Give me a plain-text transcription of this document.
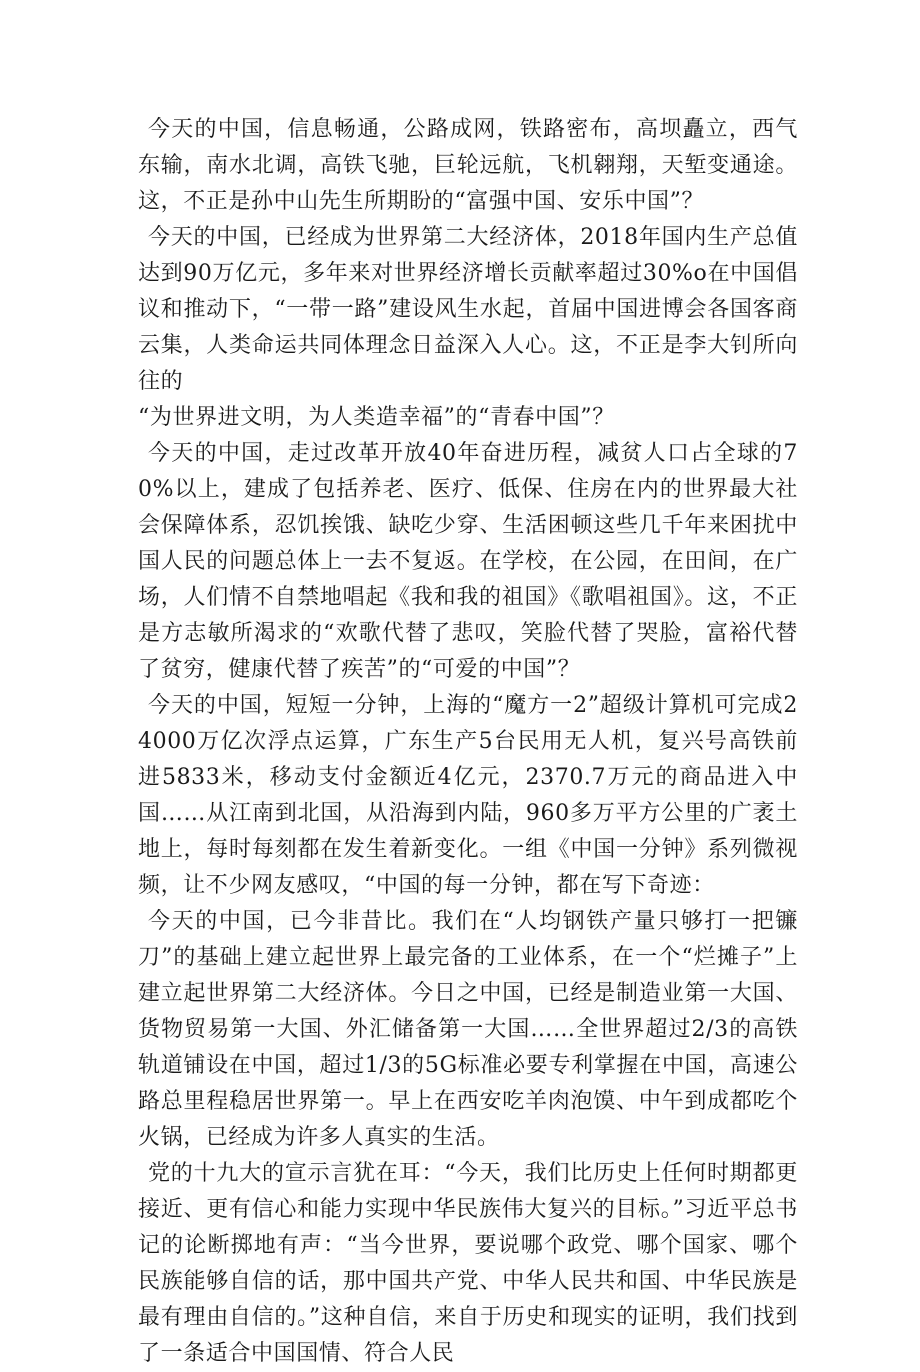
今天的中国，信息畅通，公路成网，铁路密布，高坝矗立，西气东输，南水北调，高铁飞驰，巨轮远航，飞机翱翔，天堑变通途。这，不正是孙中山先生所期盼的“富强中国、安乐中国”？

今天的中国，已经成为世界第二大经济体，2018年国内生产总值达到90万亿元，多年来对世界经济增长贡献率超过30%o在中国倡议和推动下，“一带一路”建设风生水起，首届中国进博会各国客商云集，人类命运共同体理念日益深入人心。这，不正是李大钊所向往的

“为世界进文明，为人类造幸福”的“青春中国”？

今天的中国，走过改革开放40年奋进历程，减贫人口占全球的70%以上，建成了包括养老、医疗、低保、住房在内的世界最大社会保障体系，忍饥挨饿、缺吃少穿、生活困顿这些几千年来困扰中国人民的问题总体上一去不复返。在学校，在公园，在田间，在广场，人们情不自禁地唱起《我和我的祖国》《歌唱祖国》。这，不正是方志敏所渴求的“欢歌代替了悲叹，笑脸代替了哭脸，富裕代替了贫穷，健康代替了疾苦”的“可爱的中国”？

今天的中国，短短一分钟，上海的“魔方一2”超级计算机可完成24000万亿次浮点运算，广东生产5台民用无人机，复兴号高铁前进5833米，移动支付金额近4亿元，2370.7万元的商品进入中国……从江南到北国，从沿海到内陆，960多万平方公里的广袤土地上，每时每刻都在发生着新变化。一组《中国一分钟》系列微视频，让不少网友感叹，“中国的每一分钟，都在写下奇迹：

今天的中国，已今非昔比。我们在“人均钢铁产量只够打一把镰刀”的基础上建立起世界上最完备的工业体系，在一个“烂摊子”上建立起世界第二大经济体。今日之中国，已经是制造业第一大国、货物贸易第一大国、外汇储备第一大国……全世界超过2/3的高铁轨道铺设在中国，超过1/3的5G标准必要专利掌握在中国，高速公路总里程稳居世界第一。早上在西安吃羊肉泡馍、中午到成都吃个火锅，已经成为许多人真实的生活。

党的十九大的宣示言犹在耳：“今天，我们比历史上任何时期都更接近、更有信心和能力实现中华民族伟大复兴的目标。”习近平总书记的论断掷地有声：“当今世界，要说哪个政党、哪个国家、哪个民族能够自信的话，那中国共产党、中华人民共和国、中华民族是最有理由自信的。”这种自信，来自于历史和现实的证明，我们找到了一条适合中国国情、符合人民
